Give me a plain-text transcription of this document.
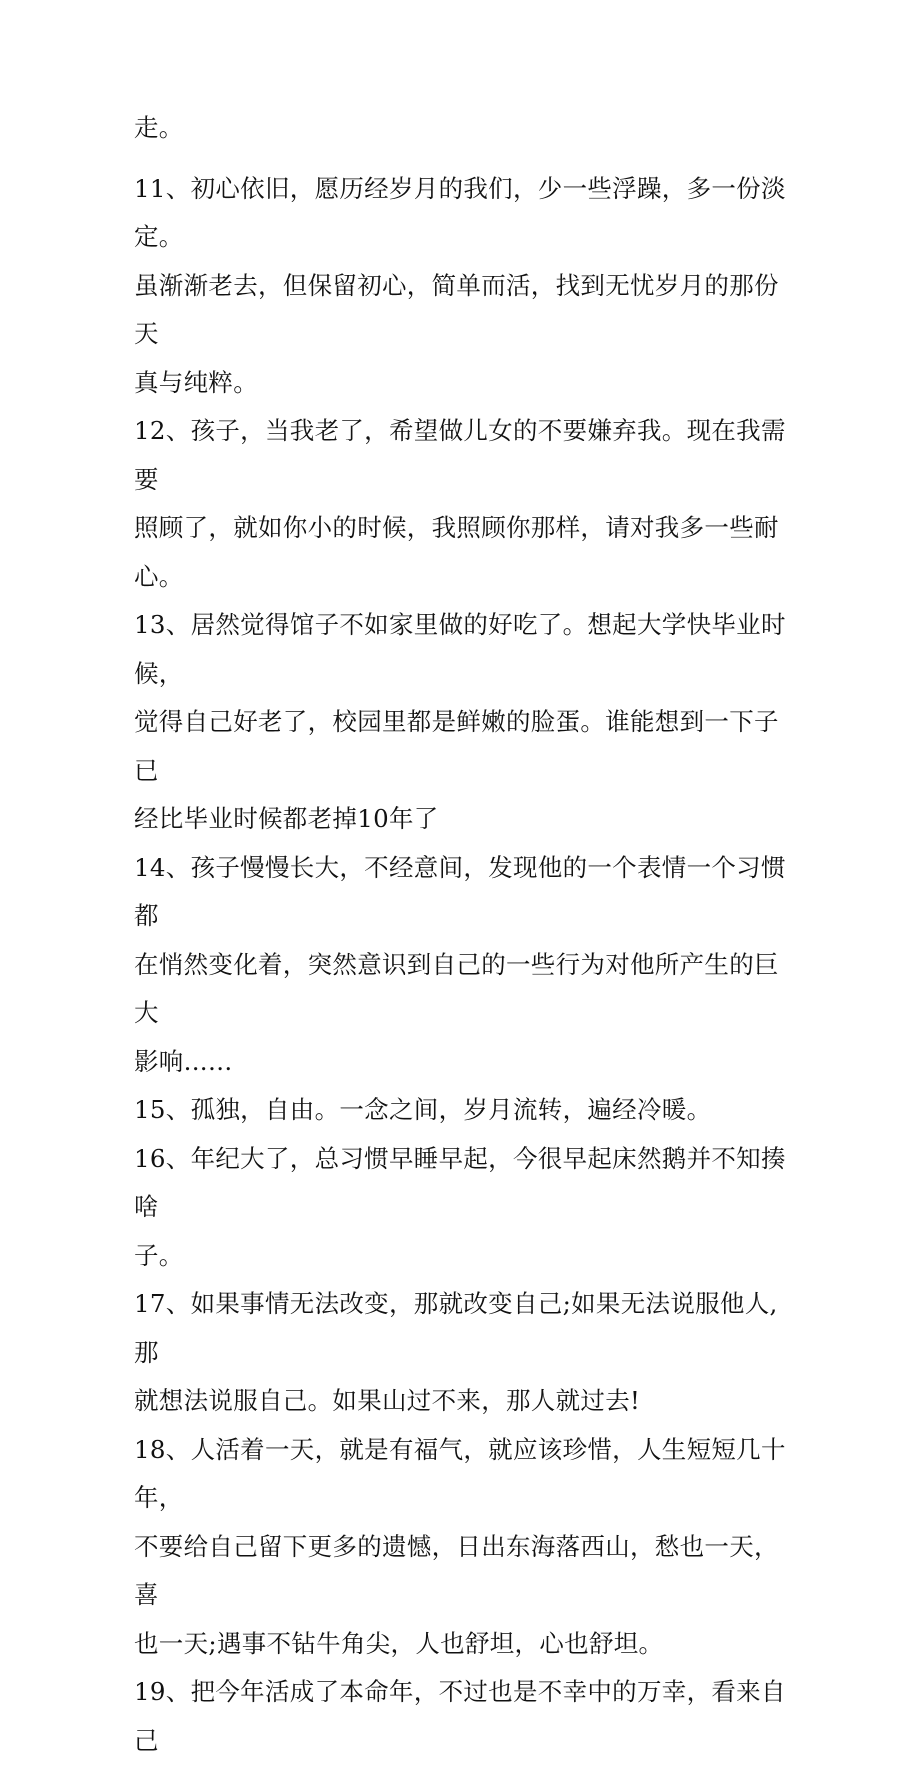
走。

11、初心依旧，愿历经岁月的我们，少一些浮躁，多一份淡定。
虽渐渐老去，但保留初心，简单而活，找到无忧岁月的那份天
真与纯粹。

12、孩子，当我老了，希望做儿女的不要嫌弃我。现在我需要
照顾了，就如你小的时候，我照顾你那样，请对我多一些耐心。

13、居然觉得馆子不如家里做的好吃了。想起大学快毕业时候，
觉得自己好老了，校园里都是鲜嫩的脸蛋。谁能想到一下子已
经比毕业时候都老掉10年了

14、孩子慢慢长大，不经意间，发现他的一个表情一个习惯都
在悄然变化着，突然意识到自己的一些行为对他所产生的巨大
影响...…

15、孤独，自由。一念之间，岁月流转，遍经冷暖。

16、年纪大了，总习惯早睡早起，今很早起床然鹅并不知揍啥
子。

17、如果事情无法改变，那就改变自己;如果无法说服他人,那
就想法说服自己。如果山过不来，那人就过去!

18、人活着一天，就是有福气，就应该珍惜，人生短短几十年，
不要给自己留下更多的遗憾，日出东海落西山，愁也一天，喜
也一天;遇事不钻牛角尖，人也舒坦，心也舒坦。

19、把今年活成了本命年，不过也是不幸中的万幸，看来自己
